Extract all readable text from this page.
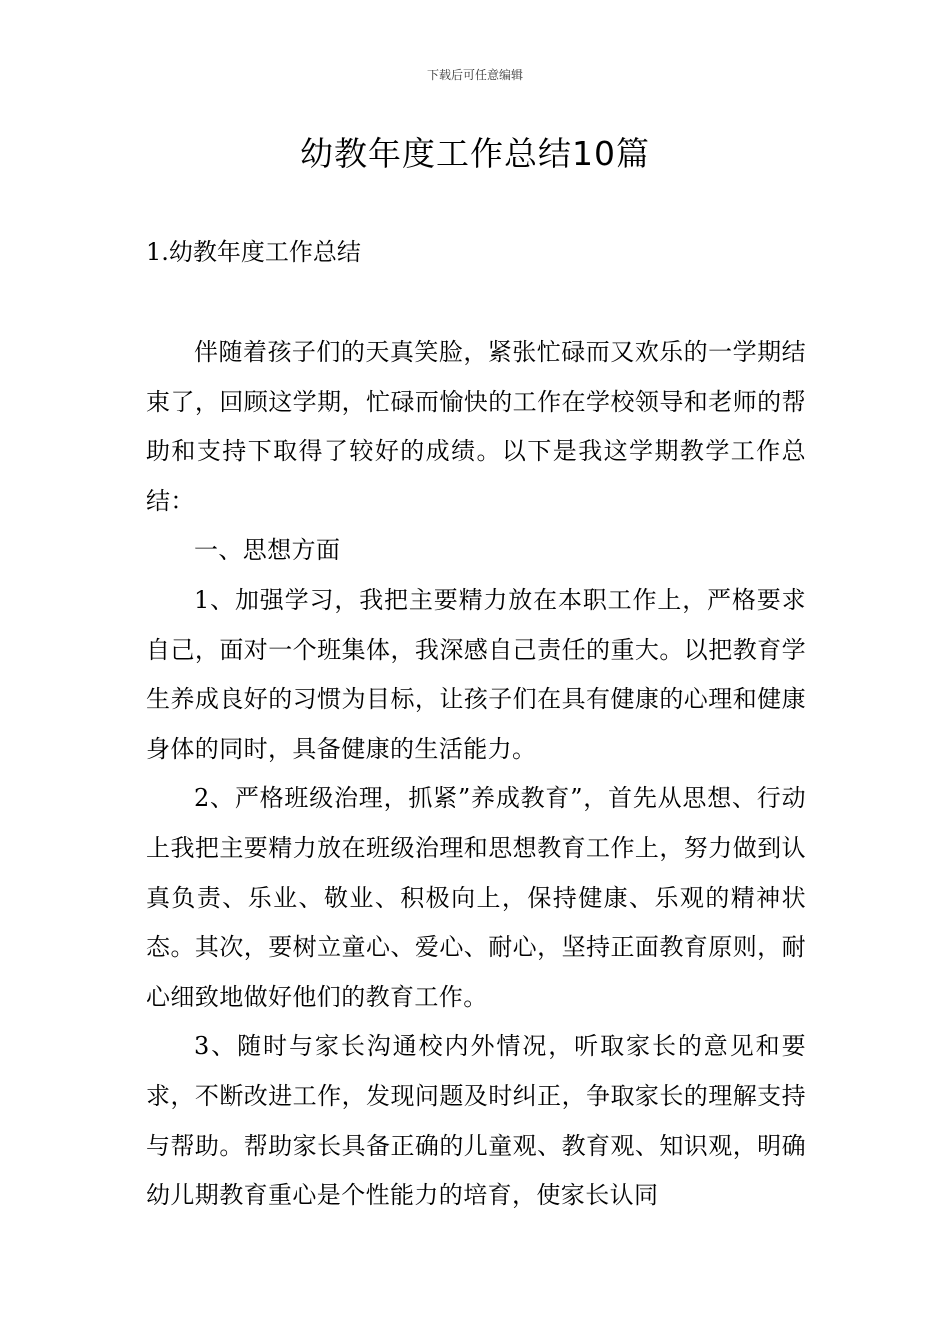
下载后可任意编辑
幼教年度工作总结10篇
1.幼教年度工作总结

伴随着孩子们的天真笑脸，紧张忙碌而又欢乐的一学期结束了，回顾这学期，忙碌而愉快的工作在学校领导和老师的帮助和支持下取得了较好的成绩。以下是我这学期教学工作总结：

一、思想方面

1、加强学习，我把主要精力放在本职工作上，严格要求自己，面对一个班集体，我深感自己责任的重大。以把教育学生养成良好的习惯为目标，让孩子们在具有健康的心理和健康身体的同时，具备健康的生活能力。

2、严格班级治理，抓紧”养成教育”，首先从思想、行动上我把主要精力放在班级治理和思想教育工作上，努力做到认真负责、乐业、敬业、积极向上，保持健康、乐观的精神状态。其次，要树立童心、爱心、耐心，坚持正面教育原则，耐心细致地做好他们的教育工作。

3、随时与家长沟通校内外情况，听取家长的意见和要求，不断改进工作，发现问题及时纠正，争取家长的理解支持与帮助。帮助家长具备正确的儿童观、教育观、知识观，明确幼儿期教育重心是个性能力的培育，使家长认同
